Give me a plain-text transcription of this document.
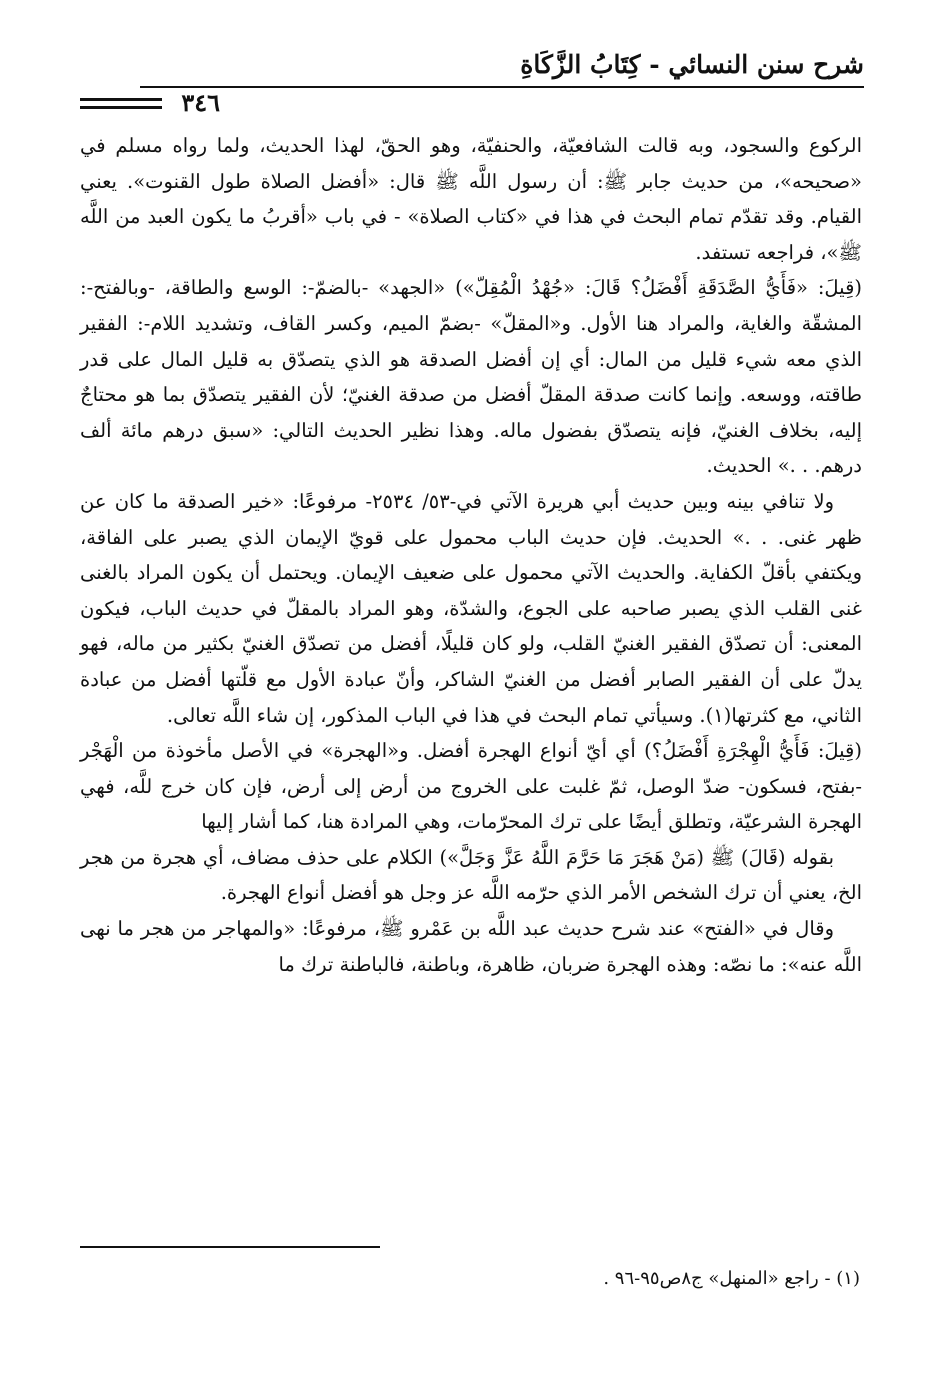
شرح سنن النسائي - كِتَابُ الزَّكَاةِ
٣٤٦

الركوع والسجود، وبه قالت الشافعيّة، والحنفيّة، وهو الحقّ، لهذا الحديث، ولما رواه مسلم في «صحيحه»، من حديث جابر ﷺ: أن رسول اللَّه ﷺ قال: «أفضل الصلاة طول القنوت». يعني القيام. وقد تقدّم تمام البحث في هذا في «كتاب الصلاة» - في باب «أقربُ ما يكون العبد من اللَّه ﷺ»، فراجعه تستفد.

(قِيلَ: «فَأَيُّ الصَّدَقَةِ أَفْضَلُ؟ قَالَ: «جُهْدُ الْمُقِلّ») «الجهد» -بالضمّ-: الوسع والطاقة، -وبالفتح-: المشقّة والغاية، والمراد هنا الأول. و«المقلّ» -بضمّ الميم، وكسر القاف، وتشديد اللام-: الفقير الذي معه شيء قليل من المال: أي إن أفضل الصدقة هو الذي يتصدّق به قليل المال على قدر طاقته، ووسعه. وإنما كانت صدقة المقلّ أفضل من صدقة الغنيّ؛ لأن الفقير يتصدّق بما هو محتاجٌ إليه، بخلاف الغنيّ، فإنه يتصدّق بفضول ماله. وهذا نظير الحديث التالي: «سبق درهم مائة ألف درهم. . .» الحديث.

ولا تنافي بينه وبين حديث أبي هريرة الآتي في-٥٣/ ٢٥٣٤- مرفوعًا: «خير الصدقة ما كان عن ظهر غنى. . .» الحديث. فإن حديث الباب محمول على قويّ الإيمان الذي يصبر على الفاقة، ويكتفي بأقلّ الكفاية. والحديث الآتي محمول على ضعيف الإيمان. ويحتمل أن يكون المراد بالغنى غنى القلب الذي يصبر صاحبه على الجوع، والشدّة، وهو المراد بالمقلّ في حديث الباب، فيكون المعنى: أن تصدّق الفقير الغنيّ القلب، ولو كان قليلًا، أفضل من تصدّق الغنيّ بكثير من ماله، فهو يدلّ على أن الفقير الصابر أفضل من الغنيّ الشاكر، وأنّ عبادة الأول مع قلّتها أفضل من عبادة الثاني، مع كثرتها(١). وسيأتي تمام البحث في هذا في الباب المذكور، إن شاء اللَّه تعالى.

(قِيلَ: فَأَيُّ الْهِجْرَةِ أَفْضَلُ؟) أي أيّ أنواع الهجرة أفضل. و«الهجرة» في الأصل مأخوذة من الْهَجْر -بفتح، فسكون- ضدّ الوصل، ثمّ غلبت على الخروج من أرض إلى أرض، فإن كان خرج للَّه، فهي الهجرة الشرعيّة، وتطلق أيضًا على ترك المحرّمات، وهي المرادة هنا، كما أشار إليها

بقوله (قَالَ) ﷺ (مَنْ هَجَرَ مَا حَرَّمَ اللَّهُ عَزَّ وَجَلَّ») الكلام على حذف مضاف، أي هجرة من هجر الخ، يعني أن ترك الشخص الأمر الذي حرّمه اللَّه عز وجل هو أفضل أنواع الهجرة.

وقال في «الفتح» عند شرح حديث عبد اللَّه بن عَمْرو ﷺ، مرفوعًا: «والمهاجر من هجر ما نهى اللَّه عنه»: ما نصّه: وهذه الهجرة ضربان، ظاهرة، وباطنة، فالباطنة ترك ما

(١) - راجع «المنهل» ج٨ص٩٥-٩٦ .
